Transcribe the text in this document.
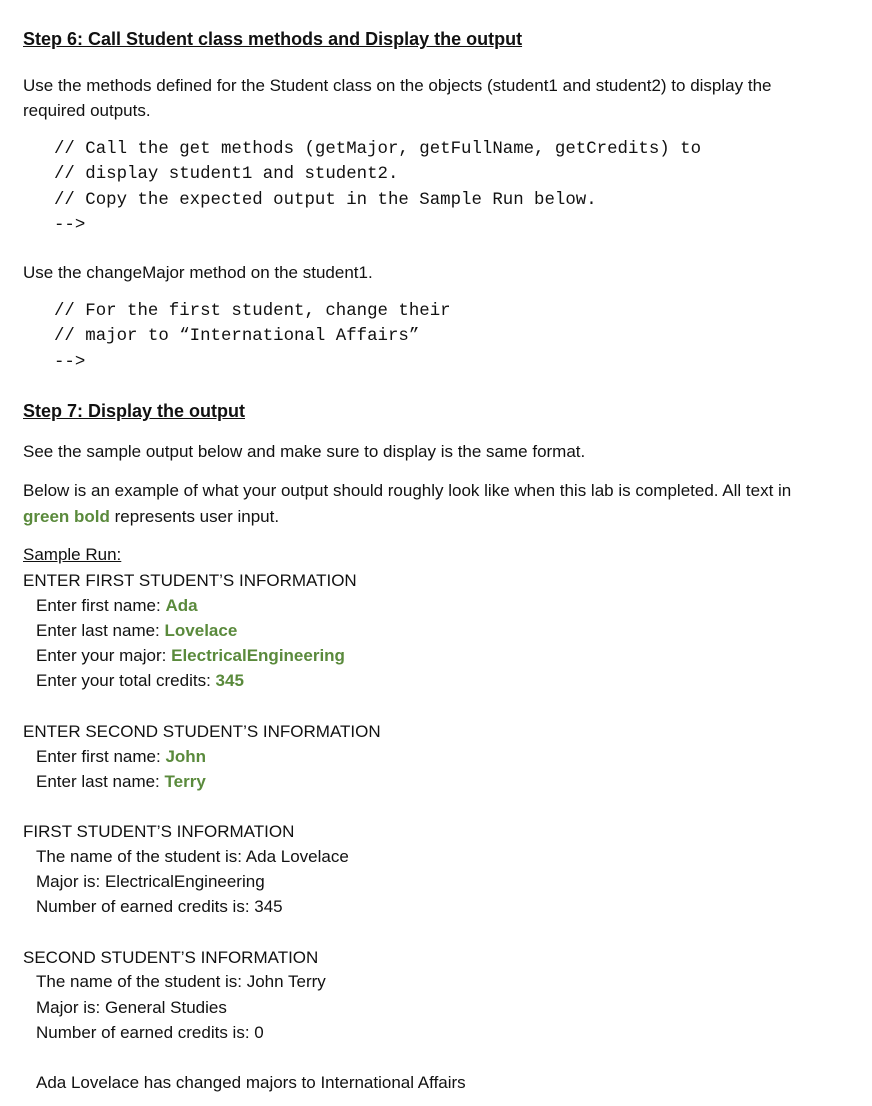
Step 6: Call Student class methods and Display the output
Use the methods defined for the Student class on the objects (student1 and student2) to display the
required outputs.
// Call the get methods (getMajor, getFullName, getCredits) to
// display student1 and student2.
// Copy the expected output in the Sample Run below.
-->
Use the changeMajor method on the student1.
// For the first student, change their
// major to “International Affairs”
-->
Step 7: Display the output
See the sample output below and make sure to display is the same format.
Below is an example of what your output should roughly look like when this lab is completed. All text in
green bold represents user input.
Sample Run:
ENTER FIRST STUDENT’S INFORMATION
Enter first name: Ada
Enter last name: Lovelace
Enter your major: ElectricalEngineering
Enter your total credits: 345
ENTER SECOND STUDENT’S INFORMATION
Enter first name: John
Enter last name: Terry
FIRST STUDENT’S INFORMATION
The name of the student is: Ada Lovelace
Major is: ElectricalEngineering
Number of earned credits is: 345
SECOND STUDENT’S INFORMATION
The name of the student is: John Terry
Major is: General Studies
Number of earned credits is: 0
Ada Lovelace has changed majors to International Affairs
